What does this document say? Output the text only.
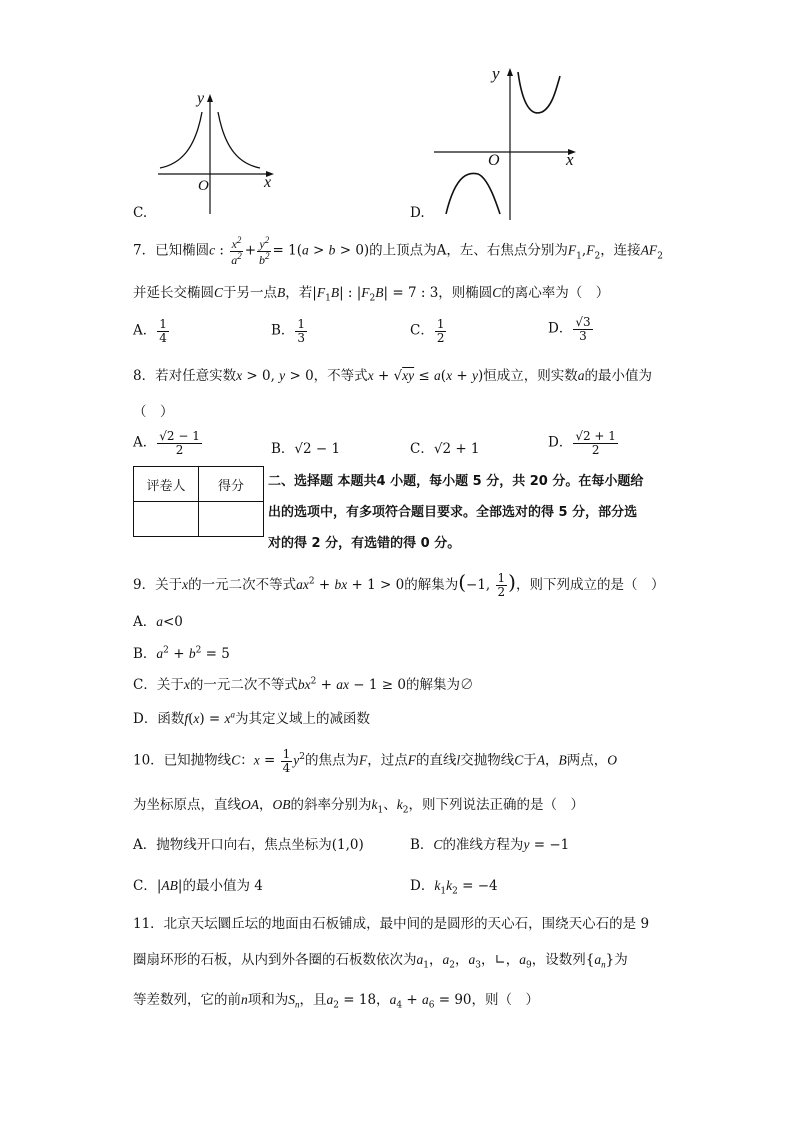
C.
y
x
O
D.
y
x
O
7．已知椭圆c : $\frac{x^2}{a^2} + \frac{y^2}{b^2} = 1(a > b > 0)$的上顶点为A，左、右焦点分别为$F_1,F_2$，连接$AF_2$
并延长交椭圆C于另一点B，若$|F_1B|$ : $|F_2B| = 7$ : 3，则椭圆C的离心率为（　）
A． $\frac{1}{4}$	B． $\frac{1}{3}$	C． $\frac{1}{2}$	D． $\frac{√3}{3}$
8．若对任意实数x > 0, y > 0，不等式x + √xy ≤ a(x + y)恒成立，则实数a的最小值为
（　）
A． $\frac{√2 - 1}{2}$	B．√2 − 1	C．√2 + 1	D． $\frac{√2 + 1}{2}$
评卷人	得分
	二、选择题 本题共4 小题，每小题 5 分，共 20 分。在每小题给
出的选项中，有多项符合题目要求。全部选对的得 5 分，部分选
对的得 2 分，有选错的得 0 分。
9．关于x的一元二次不等式$ax^2$ + bx + 1 > 0的解集为(−1, $\frac{1}{2}$ )，则下列成立的是（　）
A．a<0
B．$a^2 + b^2 = 5$
C．关于x的一元二次不等式$bx^2$ + ax − 1 ≥ 0的解集为∅
D．函数$f(x) = x^a$为其定义域上的减函数
10．已知抛物线C：$x = \frac{1}{4} y^2$的焦点为F，过点F的直线l交抛物线C于A，B两点，O
为坐标原点，直线OA，OB的斜率分别为$k_1$、$k_2$，则下列说法正确的是（　）
A．抛物线开口向右，焦点坐标为(1,0)	B．C的准线方程为y = −1
C．|AB|的最小值为 4	D．$k_1k_2 = -4$
11．北京天坛圜丘坛的地面由石板铺成，最中间的是圆形的天心石，围绕天心石的是 9
圈扇环形的石板，从内到外各圈的石板数依次为$a_1$，$a_2$，$a_3$，∟，$a_9$，设数列$\{a_n\}$为
等差数列，它的前n项和为$S_n$，且$a_2 = 18$，$a_4 + a_6 = 90$，则（　）
